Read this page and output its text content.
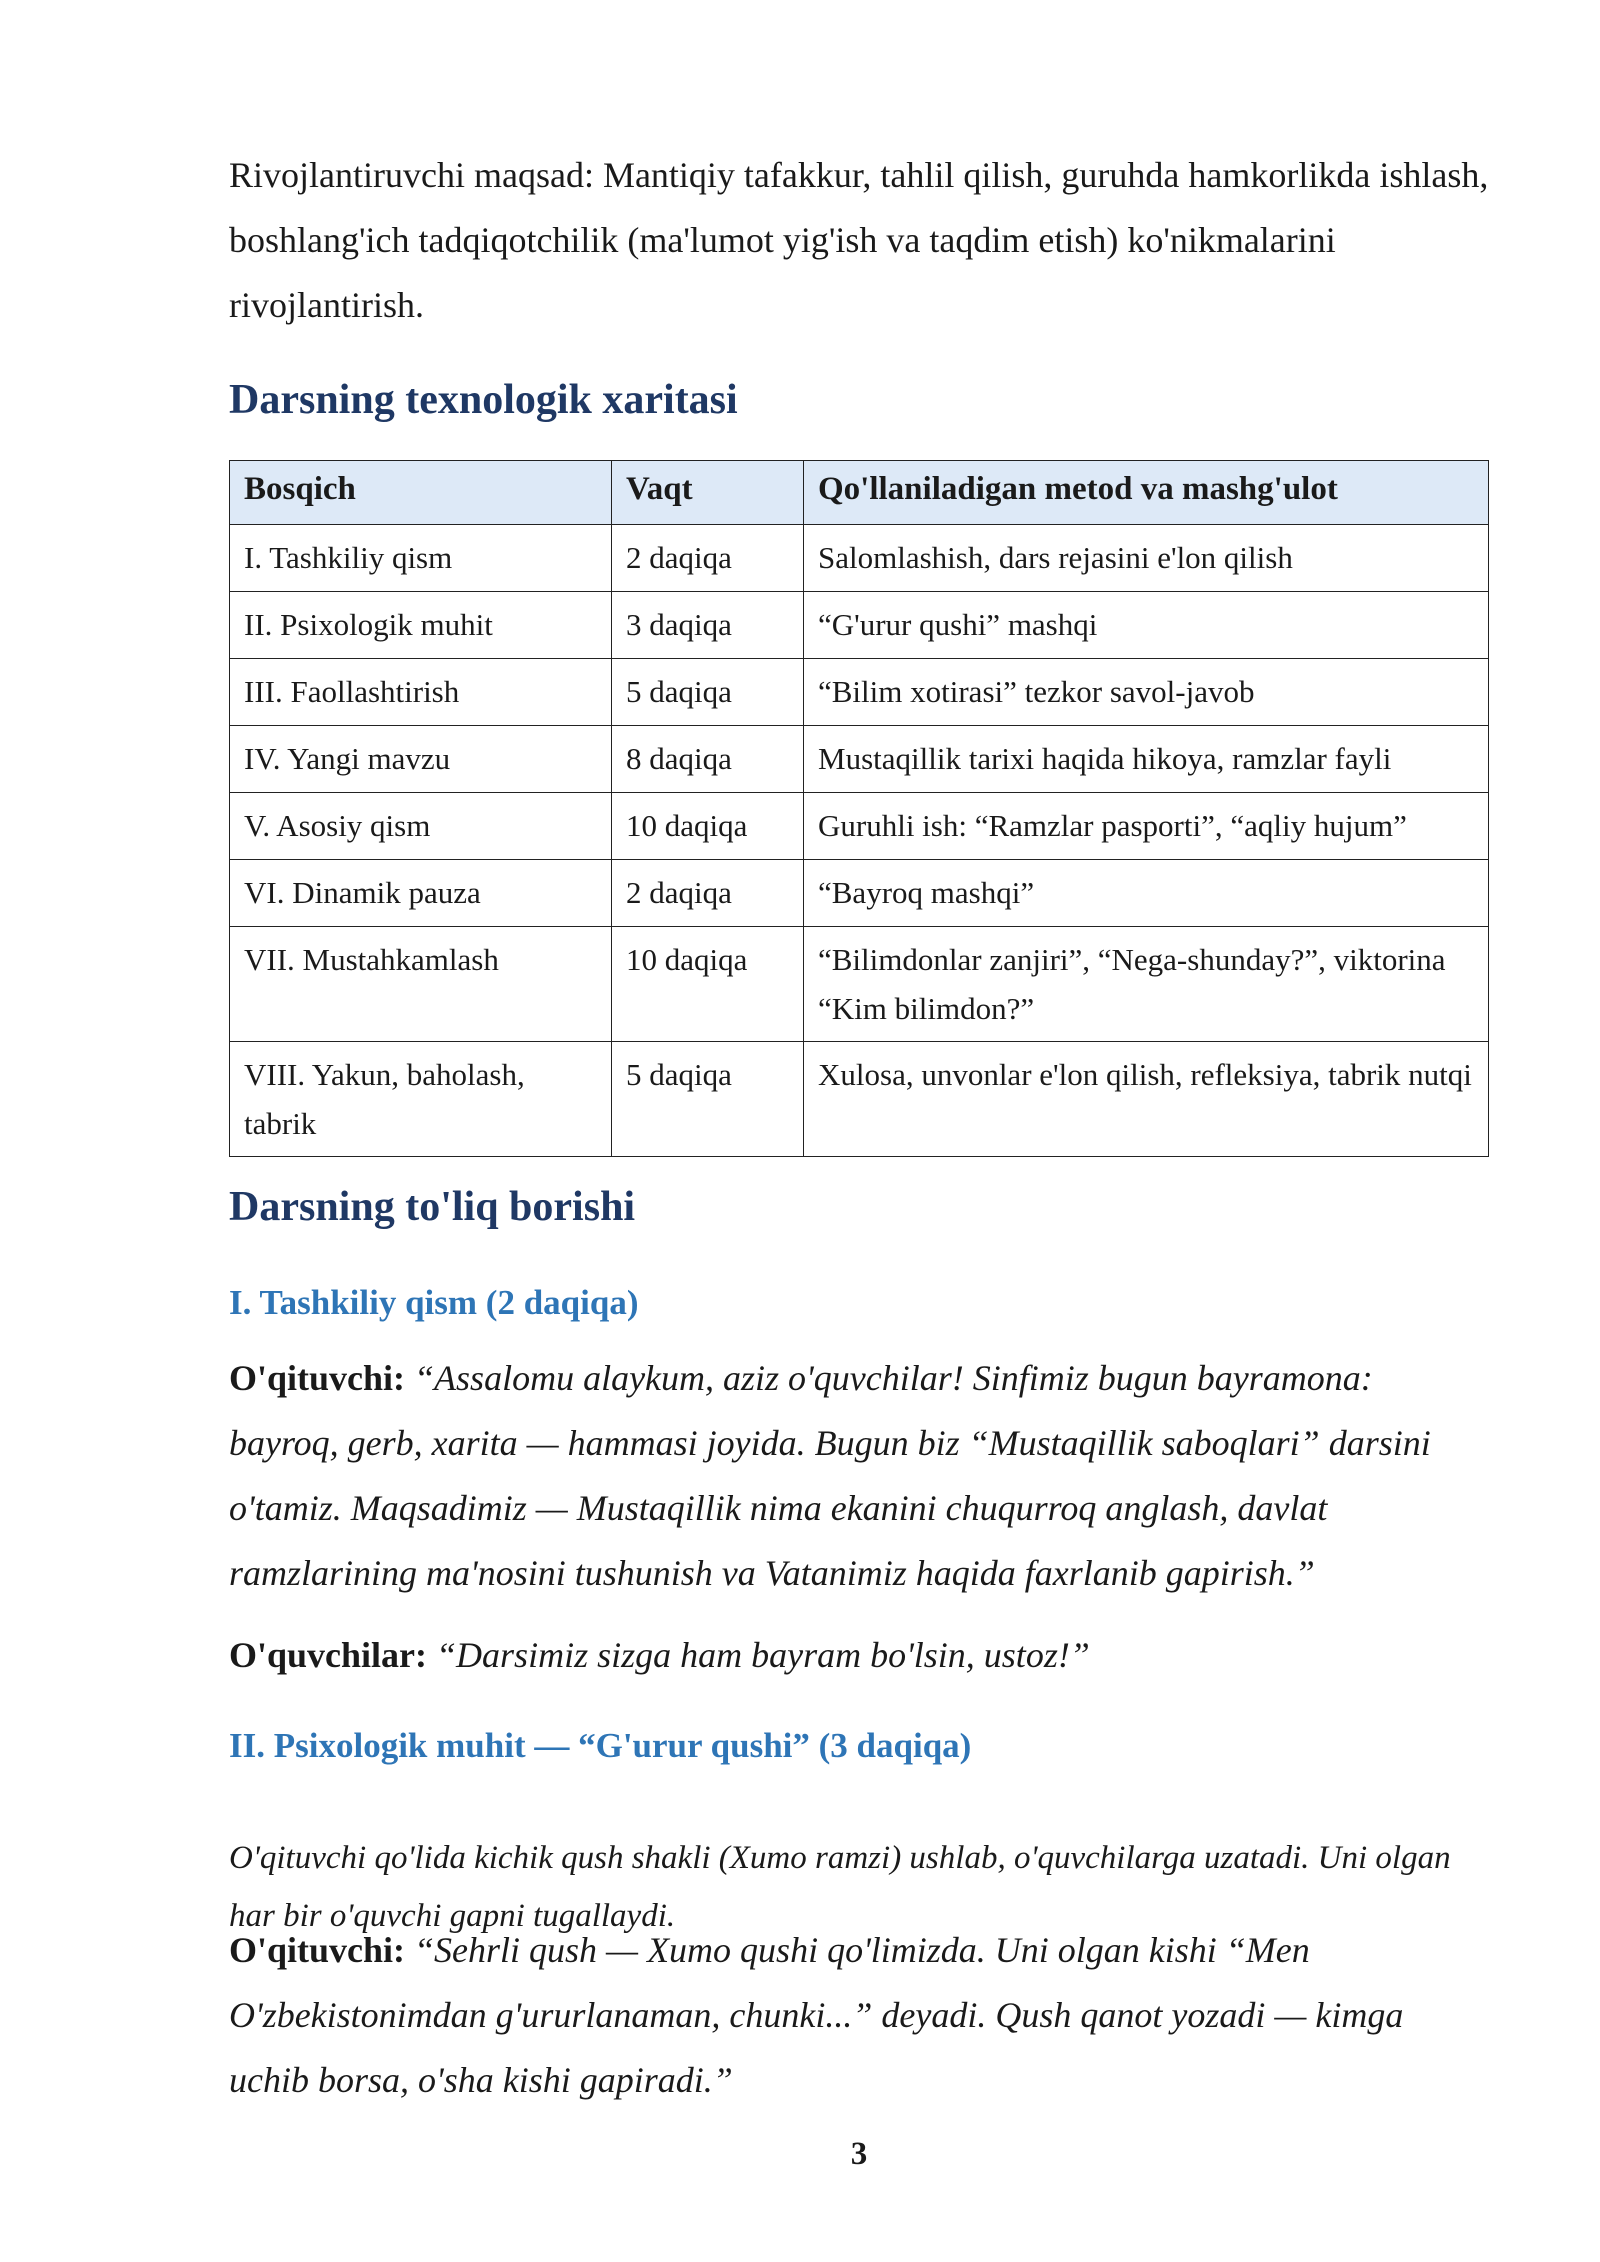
Rivojlantiruvchi maqsad: Mantiqiy tafakkur, tahlil qilish, guruhda hamkorlikda ishlash, boshlang'ich tadqiqotchilik (ma'lumot yig'ish va taqdim etish) ko'nikmalarini rivojlantirish.

Darsning texnologik xaritasi
Bosqich	Vaqt	Qo'llaniladigan metod va mashg'ulot
I. Tashkiliy qism	2 daqiqa	Salomlashish, dars rejasini e'lon qilish
II. Psixologik muhit	3 daqiqa	“G'urur qushi” mashqi
III. Faollashtirish	5 daqiqa	“Bilim xotirasi” tezkor savol-javob
IV. Yangi mavzu	8 daqiqa	Mustaqillik tarixi haqida hikoya, ramzlar fayli
V. Asosiy qism	10 daqiqa	Guruhli ish: “Ramzlar pasporti”, “aqliy hujum”
VI. Dinamik pauza	2 daqiqa	“Bayroq mashqi”
VII. Mustahkamlash	10 daqiqa	“Bilimdonlar zanjiri”, “Nega-shunday?”, viktorina “Kim bilimdon?”
VIII. Yakun, baholash, tabrik	5 daqiqa	Xulosa, unvonlar e'lon qilish, refleksiya, tabrik nutqi
Darsning to'liq borishi
I. Tashkiliy qism (2 daqiqa)

O'qituvchi: “Assalomu alaykum, aziz o'quvchilar! Sinfimiz bugun bayramona: bayroq, gerb, xarita — hammasi joyida. Bugun biz “Mustaqillik saboqlari” darsini o'tamiz. Maqsadimiz — Mustaqillik nima ekanini chuqurroq anglash, davlat ramzlarining ma'nosini tushunish va Vatanimiz haqida faxrlanib gapirish.”

O'quvchilar: “Darsimiz sizga ham bayram bo'lsin, ustoz!”

II. Psixologik muhit — “G'urur qushi” (3 daqiqa)

O'qituvchi qo'lida kichik qush shakli (Xumo ramzi) ushlab, o'quvchilarga uzatadi. Uni olgan har bir o'quvchi gapni tugallaydi.

O'qituvchi: “Sehrli qush — Xumo qushi qo'limizda. Uni olgan kishi “Men O'zbekistonimdan g'ururlanaman, chunki...” deyadi. Qush qanot yozadi — kimga uchib borsa, o'sha kishi gapiradi.”

3
